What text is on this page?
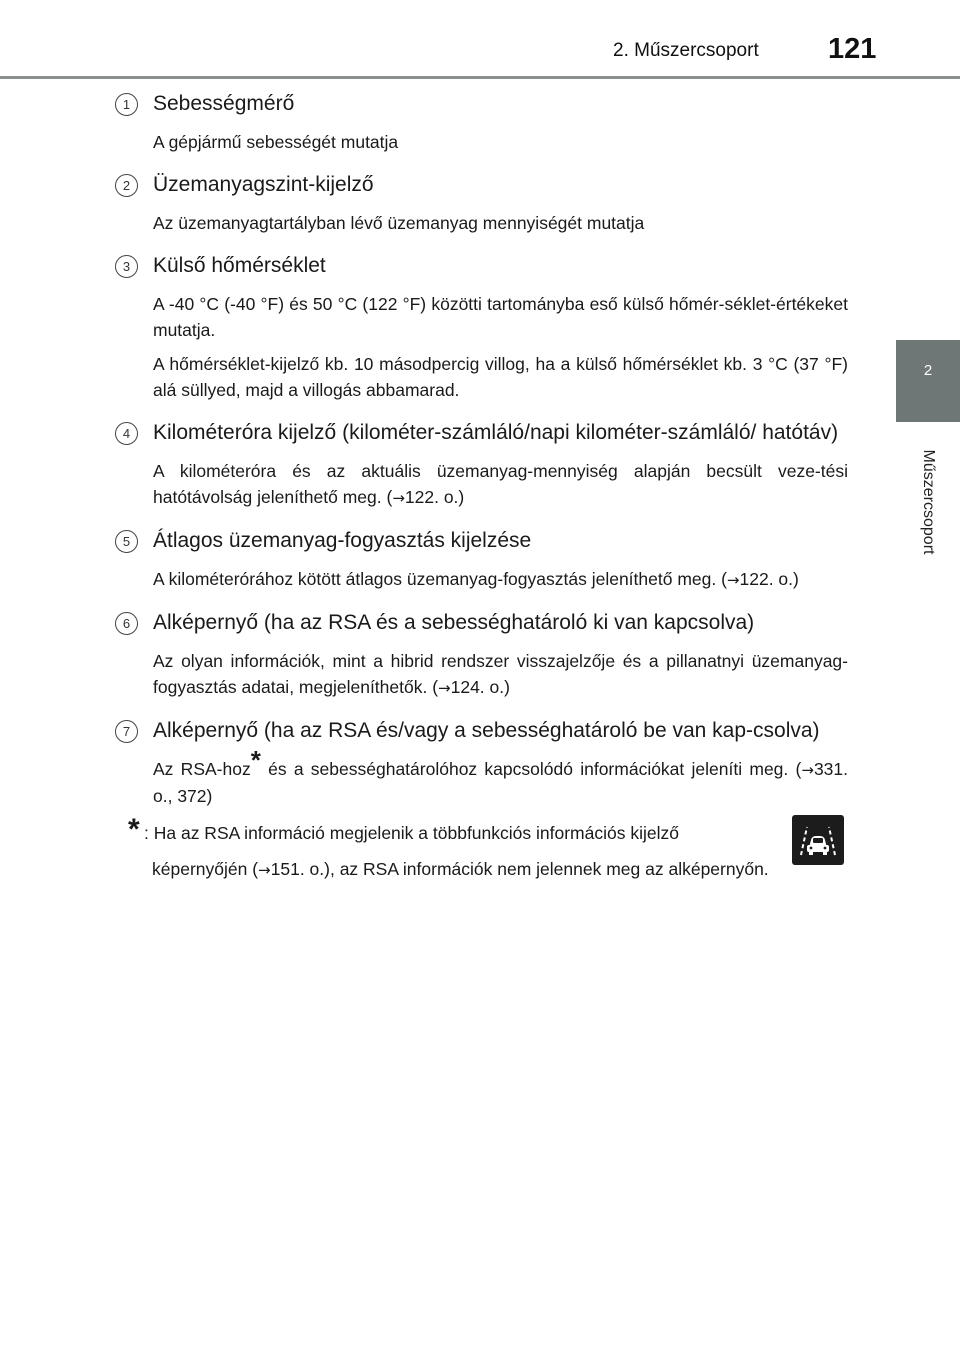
2. Műszercsoport 121
2
Műszercsoport
1	Sebességmérő
A gépjármű sebességét mutatja
2	Üzemanyagszint-kijelző
Az üzemanyagtartályban lévő üzemanyag mennyiségét mutatja
3	Külső hőmérséklet
A -40 °C (-40 °F) és 50 °C (122 °F) közötti tartományba eső külső hőmér-séklet-értékeket mutatja.
A hőmérséklet-kijelző kb. 10 másodpercig villog, ha a külső hőmérséklet kb. 3 °C (37 °F) alá süllyed, majd a villogás abbamarad.
4	Kilométeróra kijelző (kilométer-számláló/napi kilométer-számláló/ hatótáv)
A kilométeróra és az aktuális üzemanyag-mennyiség alapján becsült veze-tési hatótávolság jeleníthető meg. (→122. o.)
5	Átlagos üzemanyag-fogyasztás kijelzése
A kilométerórához kötött átlagos üzemanyag-fogyasztás jeleníthető meg. (→122. o.)
6	Alképernyő (ha az RSA és a sebességhatároló ki van kapcsolva)
Az olyan információk, mint a hibrid rendszer visszajelzője és a pillanatnyi üzemanyag-fogyasztás adatai, megjeleníthetők. (→124. o.)
7	Alképernyő (ha az RSA és/vagy a sebességhatároló be van kap-csolva)
Az RSA-hoz* és a sebességhatárolóhoz kapcsolódó információkat jeleníti meg. (→331. o., 372)
* : Ha az RSA információ megjelenik a többfunkciós információs kijelző
képernyőjén (→151. o.), az RSA információk nem jelennek meg az alképernyőn.
